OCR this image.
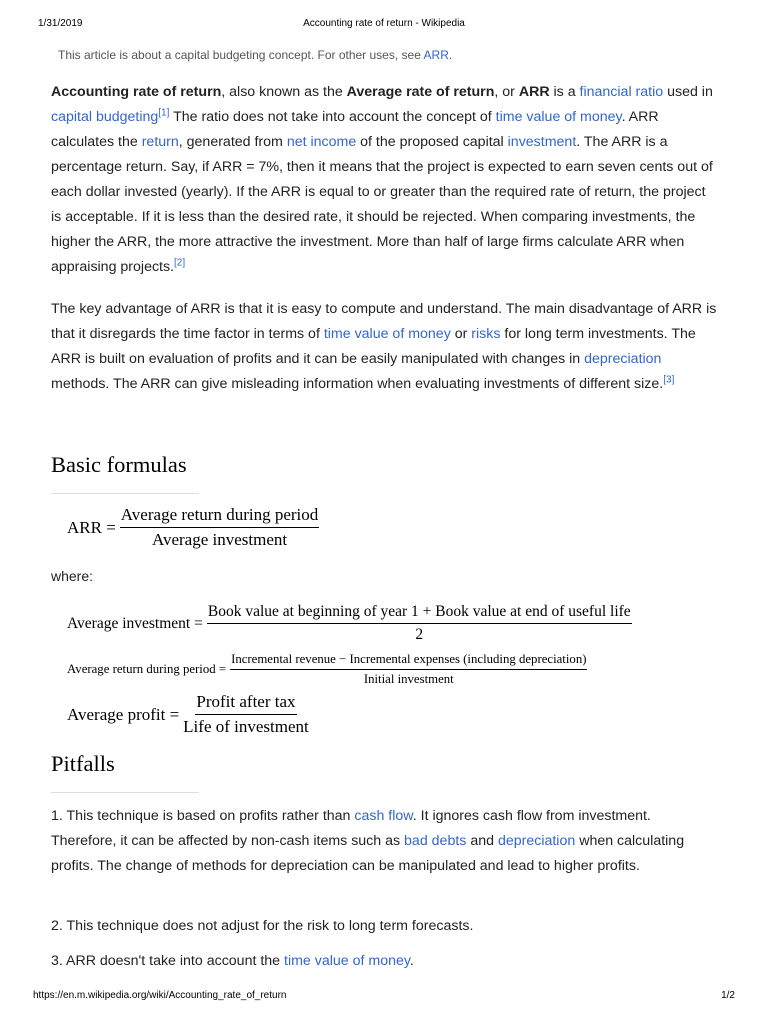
1/31/2019	Accounting rate of return - Wikipedia
This article is about a capital budgeting concept. For other uses, see ARR.

Accounting rate of return, also known as the Average rate of return, or ARR is a financial ratio used in capital budgeting[1] The ratio does not take into account the concept of time value of money. ARR calculates the return, generated from net income of the proposed capital investment. The ARR is a percentage return. Say, if ARR = 7%, then it means that the project is expected to earn seven cents out of each dollar invested (yearly). If the ARR is equal to or greater than the required rate of return, the project is acceptable. If it is less than the desired rate, it should be rejected. When comparing investments, the higher the ARR, the more attractive the investment. More than half of large firms calculate ARR when appraising projects.[2]

The key advantage of ARR is that it is easy to compute and understand. The main disadvantage of ARR is that it disregards the time factor in terms of time value of money or risks for long term investments. The ARR is built on evaluation of profits and it can be easily manipulated with changes in depreciation methods. The ARR can give misleading information when evaluating investments of different size.[3]

Basic formulas
ARR = $\frac{\text{Average return during period}}{\text{Average investment}}$
where:
Average investment =
Book value at beginning of year 1 + Book value at end of useful life
2
Average return during period =
Incremental revenue − Incremental expenses (including depreciation)
Initial investment
Average profit = $\frac{\text{Profit after tax}}{\text{Life of investment}}$
Pitfalls

1. This technique is based on profits rather than cash flow. It ignores cash flow from investment. Therefore, it can be affected by non-cash items such as bad debts and depreciation when calculating profits. The change of methods for depreciation can be manipulated and lead to higher profits.

2. This technique does not adjust for the risk to long term forecasts.

3. ARR doesn't take into account the time value of money.

https://en.m.wikipedia.org/wiki/Accounting_rate_of_return	1/2
